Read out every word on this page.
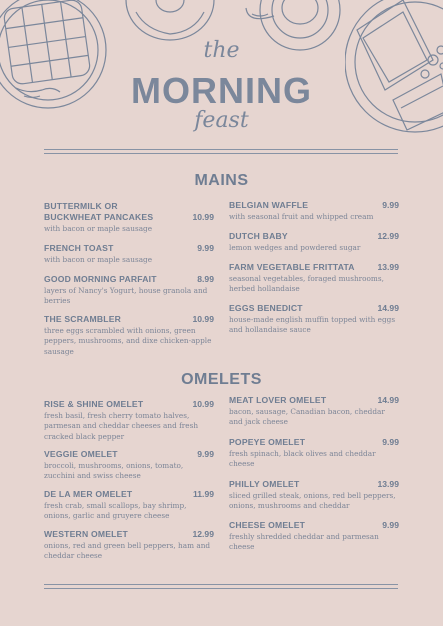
the
MORNING
feast
MAINS
BUTTERMILK OR BUCKWHEAT PANCAKES	10.99
with bacon or maple sausage
FRENCH TOAST	9.99
with bacon or maple sausage
GOOD MORNING PARFAIT	8.99
layers of Nancy's Yogurt, house granola and berries
THE SCRAMBLER	10.99
three eggs scrambled with onions, green peppers, mushrooms, and dixe chicken-apple sausage
BELGIAN WAFFLE	9.99
with seasonal fruit and whipped cream
DUTCH BABY	12.99
lemon wedges and powdered sugar
FARM VEGETABLE FRITTATA	13.99
seasonal vegetables, foraged mushrooms, herbed hollandaise
EGGS BENEDICT	14.99
house-made english muffin topped with eggs and hollandaise sauce
OMELETS
RISE & SHINE OMELET	10.99
fresh basil, fresh cherry tomato halves, parmesan and cheddar cheeses and fresh cracked black pepper
VEGGIE OMELET	9.99
broccoli, mushrooms, onions, tomato, zucchini and swiss cheese
DE LA MER OMELET	11.99
fresh crab, small scallops, bay shrimp, onions, garlic and gruyere cheese
WESTERN OMELET	12.99
onions, red and green bell peppers, ham and cheddar cheese
MEAT LOVER OMELET	14.99
bacon, sausage, Canadian bacon, cheddar and jack cheese
POPEYE OMELET	9.99
fresh spinach, black olives and cheddar cheese
PHILLY OMELET	13.99
sliced grilled steak, onions, red bell peppers, onions, mushrooms and cheddar
CHEESE OMELET	9.99
freshly shredded cheddar and parmesan cheese
